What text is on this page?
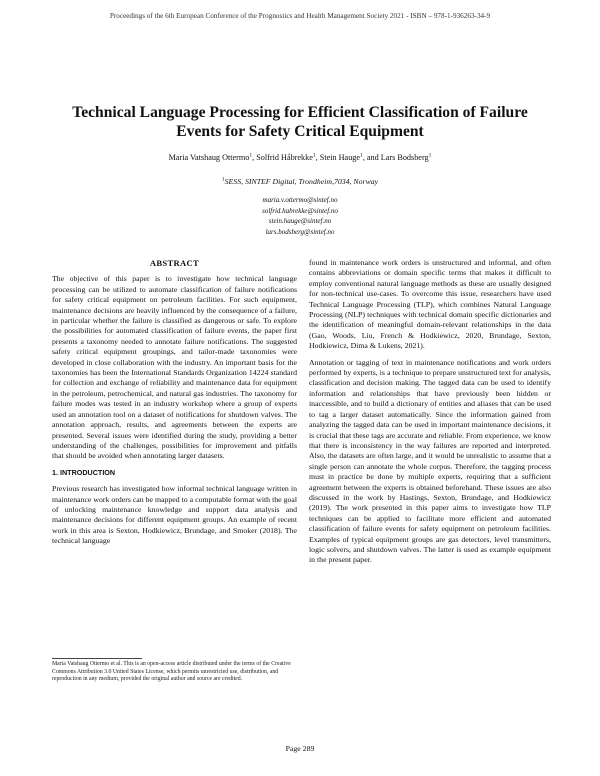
Proceedings of the 6th European Conference of the Prognostics and Health Management Society 2021 - ISBN – 978-1-936263-34-9
Technical Language Processing for Efficient Classification of Failure Events for Safety Critical Equipment
Maria Vatshaug Ottermo$^1$, Solfrid Håbrekke$^1$, Stein Hauge$^1$, and Lars Bodsberg$^1$
$^1$SESS, SINTEF Digital, Trondheim,7034, Norway
maria.v.ottermo@sintef.no
solfrid.habrekke@sintef.no
stein.hauge@sintef.no
lars.bodsberg@sintef.no
ABSTRACT

The objective of this paper is to investigate how technical language processing can be utilized to automate classification of failure notifications for safety critical equipment on petroleum facilities. For such equipment, maintenance decisions are heavily influenced by the consequence of a failure, in particular whether the failure is classified as dangerous or safe. To explore the possibilities for automated classification of failure events, the paper first presents a taxonomy needed to annotate failure notifications. The suggested safety critical equipment groupings, and tailor-made taxonomies were developed in close collaboration with the industry. An important basis for the taxonomies has been the International Standards Organization 14224 standard for collection and exchange of reliability and maintenance data for equipment in the petroleum, petrochemical, and natural gas industries. The taxonomy for failure modes was tested in an industry workshop where a group of experts used an annotation tool on a dataset of notifications for shutdown valves. The annotation approach, results, and agreements between the experts are presented. Several issues were identified during the study, providing a better understanding of the challenges, possibilities for improvement and pitfalls that should be avoided when annotating larger datasets.

1. INTRODUCTION

Previous research has investigated how informal technical language written in maintenance work orders can be mapped to a computable format with the goal of unlocking maintenance knowledge and support data analysis and maintenance decisions for different equipment groups. An example of recent work in this area is Sexton, Hodkiewicz, Brundage, and Smoker (2018). The technical language

found in maintenance work orders is unstructured and informal, and often contains abbreviations or domain specific terms that makes it difficult to employ conventional natural language methods as these are usually designed for non-technical use-cases. To overcome this issue, researchers have used Technical Language Processing (TLP), which combines Natural Language Processing (NLP) techniques with technical domain specific dictionaries and the identification of meaningful domain-relevant relationships in the data (Gao, Woods, Liu, French & Hodkiewicz, 2020, Brundage, Sexton, Hodkiewicz, Dima & Lukens, 2021).

Annotation or tagging of text in maintenance notifications and work orders performed by experts, is a technique to prepare unstructured text for analysis, classification and decision making. The tagged data can be used to identify information and relationships that have previously been hidden or inaccessible, and to build a dictionary of entities and aliases that can be used to tag a larger dataset automatically. Since the information gained from analyzing the tagged data can be used in important maintenance decisions, it is crucial that these tags are accurate and reliable. From experience, we know that there is inconsistency in the way failures are reported and interpreted. Also, the datasets are often large, and it would be unrealistic to assume that a single person can annotate the whole corpus. Therefore, the tagging process must in practice be done by multiple experts, requiring that a sufficient agreement between the experts is obtained beforehand. These issues are also discussed in the work by Hastings, Sexton, Brundage, and Hodkiewicz (2019). The work presented in this paper aims to investigate how TLP techniques can be applied to facilitate more efficient and automated classification of failure events for safety equipment on petroleum facilities. Examples of typical equipment groups are gas detectors, level transmitters, logic solvers, and shutdown valves. The latter is used as example equipment in the present paper.

Maria Vatshaug Ottermo et al. This is an open-access article distributed under the terms of the Creative Commons Attribution 3.0 United States License, which permits unrestricted use, distribution, and reproduction in any medium, provided the original author and source are credited.
Page 289
